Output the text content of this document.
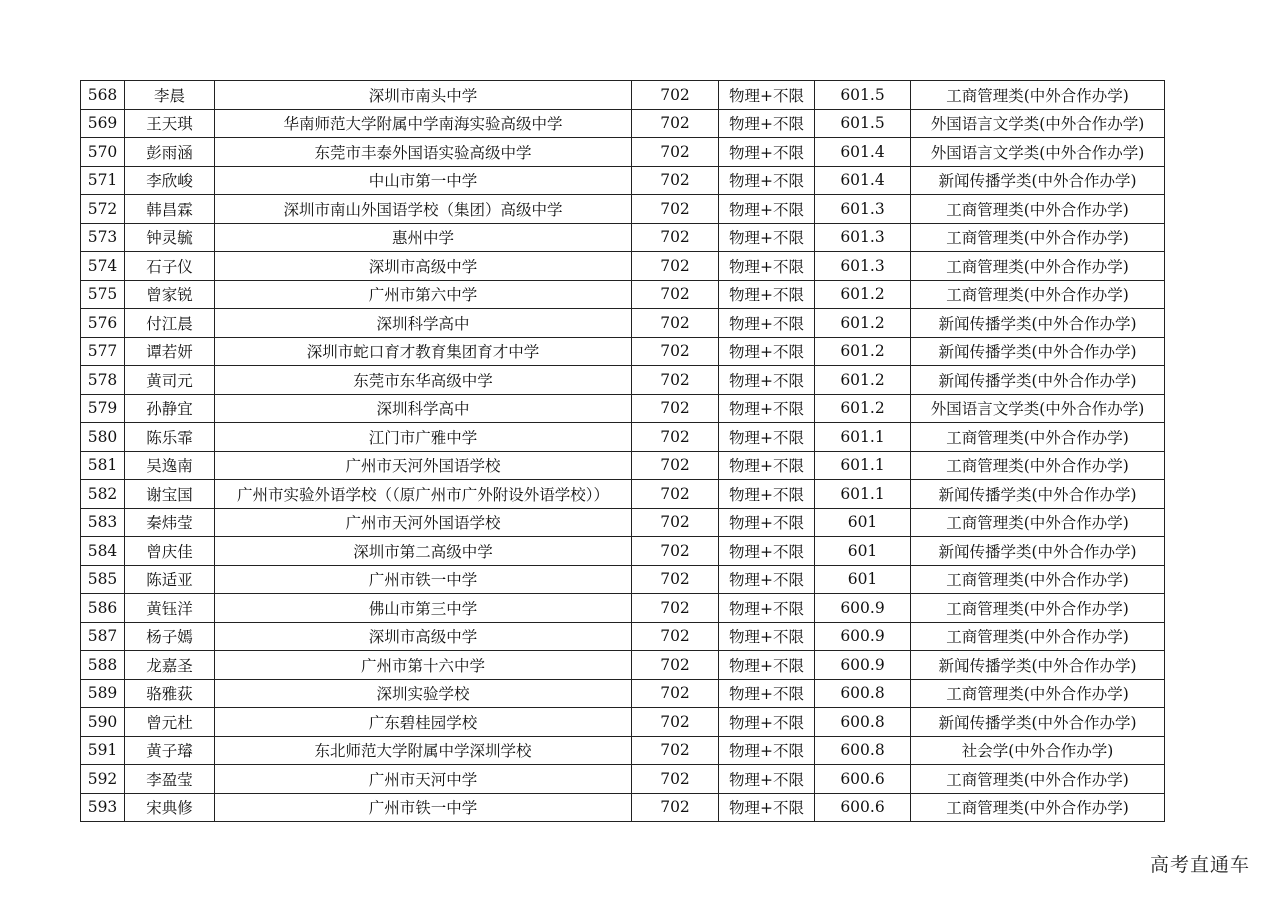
568	李晨	深圳市南头中学	702	物理+不限	601.5	工商管理类(中外合作办学)
569	王天琪	华南师范大学附属中学南海实验高级中学	702	物理+不限	601.5	外国语言文学类(中外合作办学)
570	彭雨涵	东莞市丰泰外国语实验高级中学	702	物理+不限	601.4	外国语言文学类(中外合作办学)
571	李欣峻	中山市第一中学	702	物理+不限	601.4	新闻传播学类(中外合作办学)
572	韩昌霖	深圳市南山外国语学校（集团）高级中学	702	物理+不限	601.3	工商管理类(中外合作办学)
573	钟灵毓	惠州中学	702	物理+不限	601.3	工商管理类(中外合作办学)
574	石子仪	深圳市高级中学	702	物理+不限	601.3	工商管理类(中外合作办学)
575	曾家锐	广州市第六中学	702	物理+不限	601.2	工商管理类(中外合作办学)
576	付江晨	深圳科学高中	702	物理+不限	601.2	新闻传播学类(中外合作办学)
577	谭若妍	深圳市蛇口育才教育集团育才中学	702	物理+不限	601.2	新闻传播学类(中外合作办学)
578	黄司元	东莞市东华高级中学	702	物理+不限	601.2	新闻传播学类(中外合作办学)
579	孙静宜	深圳科学高中	702	物理+不限	601.2	外国语言文学类(中外合作办学)
580	陈乐霏	江门市广雅中学	702	物理+不限	601.1	工商管理类(中外合作办学)
581	吴逸南	广州市天河外国语学校	702	物理+不限	601.1	工商管理类(中外合作办学)
582	谢宝国	广州市实验外语学校（（原广州市广外附设外语学校））	702	物理+不限	601.1	新闻传播学类(中外合作办学)
583	秦炜莹	广州市天河外国语学校	702	物理+不限	601	工商管理类(中外合作办学)
584	曾庆佳	深圳市第二高级中学	702	物理+不限	601	新闻传播学类(中外合作办学)
585	陈适亚	广州市铁一中学	702	物理+不限	601	工商管理类(中外合作办学)
586	黄钰洋	佛山市第三中学	702	物理+不限	600.9	工商管理类(中外合作办学)
587	杨子嫣	深圳市高级中学	702	物理+不限	600.9	工商管理类(中外合作办学)
588	龙嘉圣	广州市第十六中学	702	物理+不限	600.9	新闻传播学类(中外合作办学)
589	骆雅荻	深圳实验学校	702	物理+不限	600.8	工商管理类(中外合作办学)
590	曾元杜	广东碧桂园学校	702	物理+不限	600.8	新闻传播学类(中外合作办学)
591	黄子璿	东北师范大学附属中学深圳学校	702	物理+不限	600.8	社会学(中外合作办学)
592	李盈莹	广州市天河中学	702	物理+不限	600.6	工商管理类(中外合作办学)
593	宋典修	广州市铁一中学	702	物理+不限	600.6	工商管理类(中外合作办学)
高考直通车
